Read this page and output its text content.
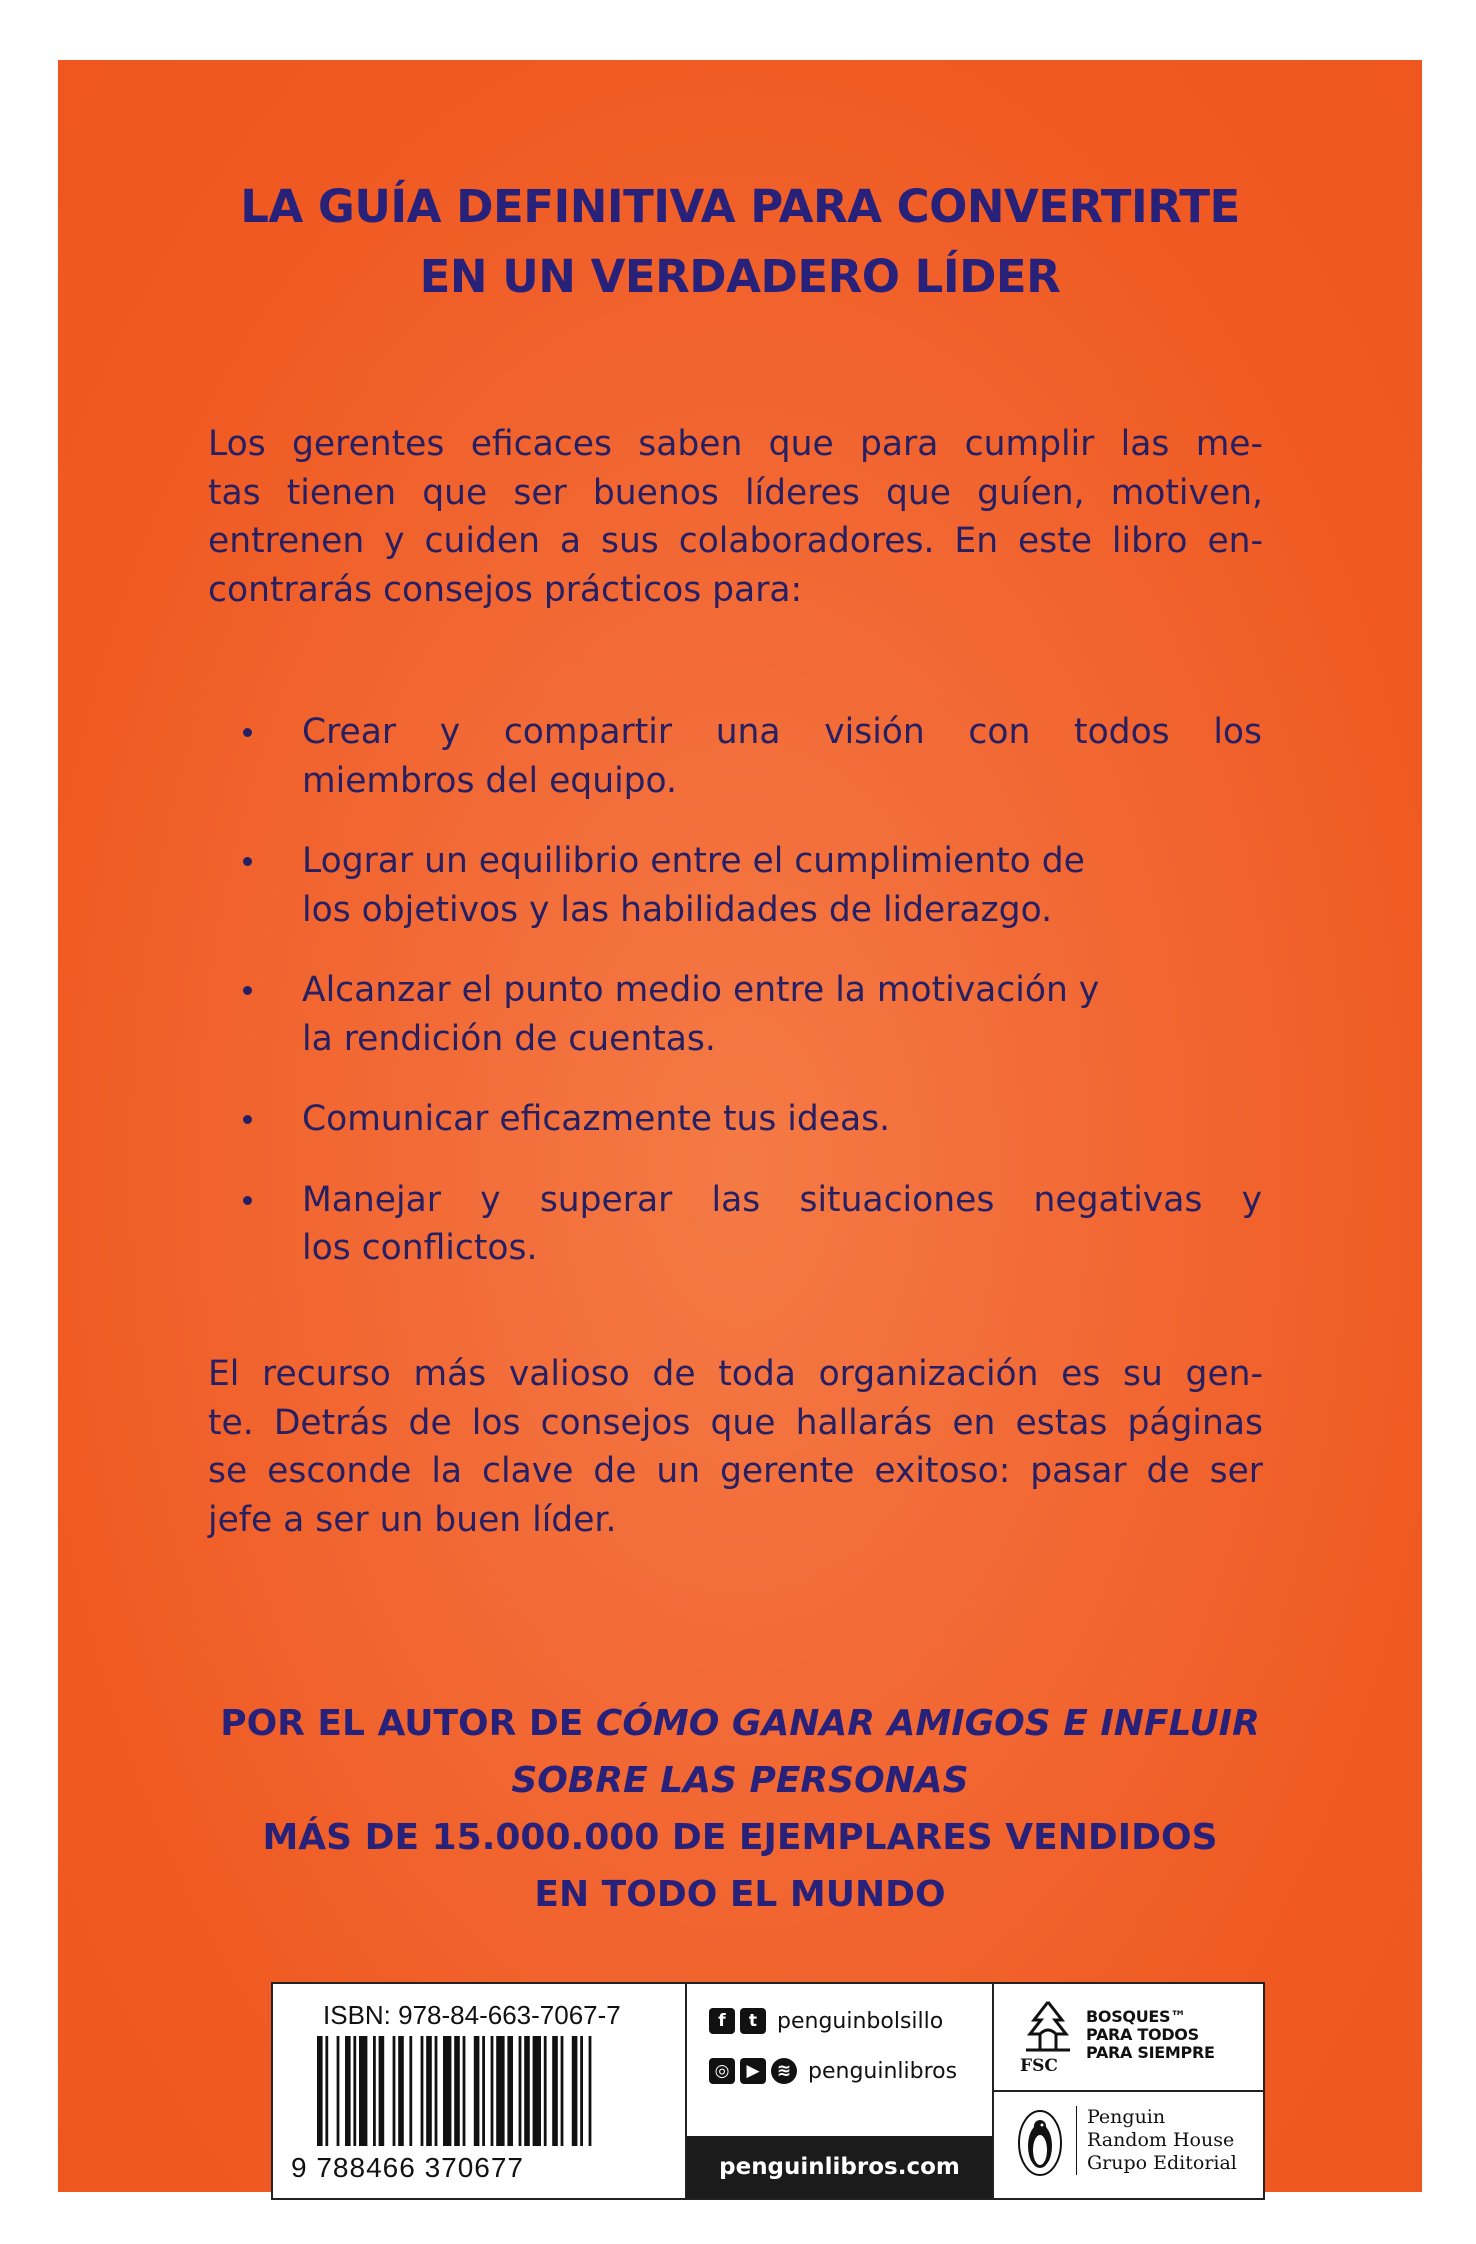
LA GUÍA DEFINITIVA PARA CONVERTIRTE
EN UN VERDADERO LÍDER
Los gerentes eficaces saben que para cumplir las me-
tas tienen que ser buenos líderes que guíen, motiven,
entrenen y cuiden a sus colaboradores. En este libro en-
contrarás consejos prácticos para:
Crear y compartir una visión con todos los
miembros del equipo.
Lograr un equilibrio entre el cumplimiento de
los objetivos y las habilidades de liderazgo.
Alcanzar el punto medio entre la motivación y
la rendición de cuentas.
Comunicar eficazmente tus ideas.
Manejar y superar las situaciones negativas y
los conflictos.
El recurso más valioso de toda organización es su gen-
te. Detrás de los consejos que hallarás en estas páginas
se esconde la clave de un gerente exitoso: pasar de ser
jefe a ser un buen líder.
POR EL AUTOR DE CÓMO GANAR AMIGOS E INFLUIR
SOBRE LAS PERSONAS
MÁS DE 15.000.000 DE EJEMPLARES VENDIDOS
EN TODO EL MUNDO
ISBN: 978-84-663-7067-7
9 788466 370677
f	t penguinbolsillo
◎	▶	≋ penguinlibros
penguinlibros.com
FSC
BOSQUES™
PARA TODOS
PARA SIEMPRE
Penguin
Random House
Grupo Editorial
